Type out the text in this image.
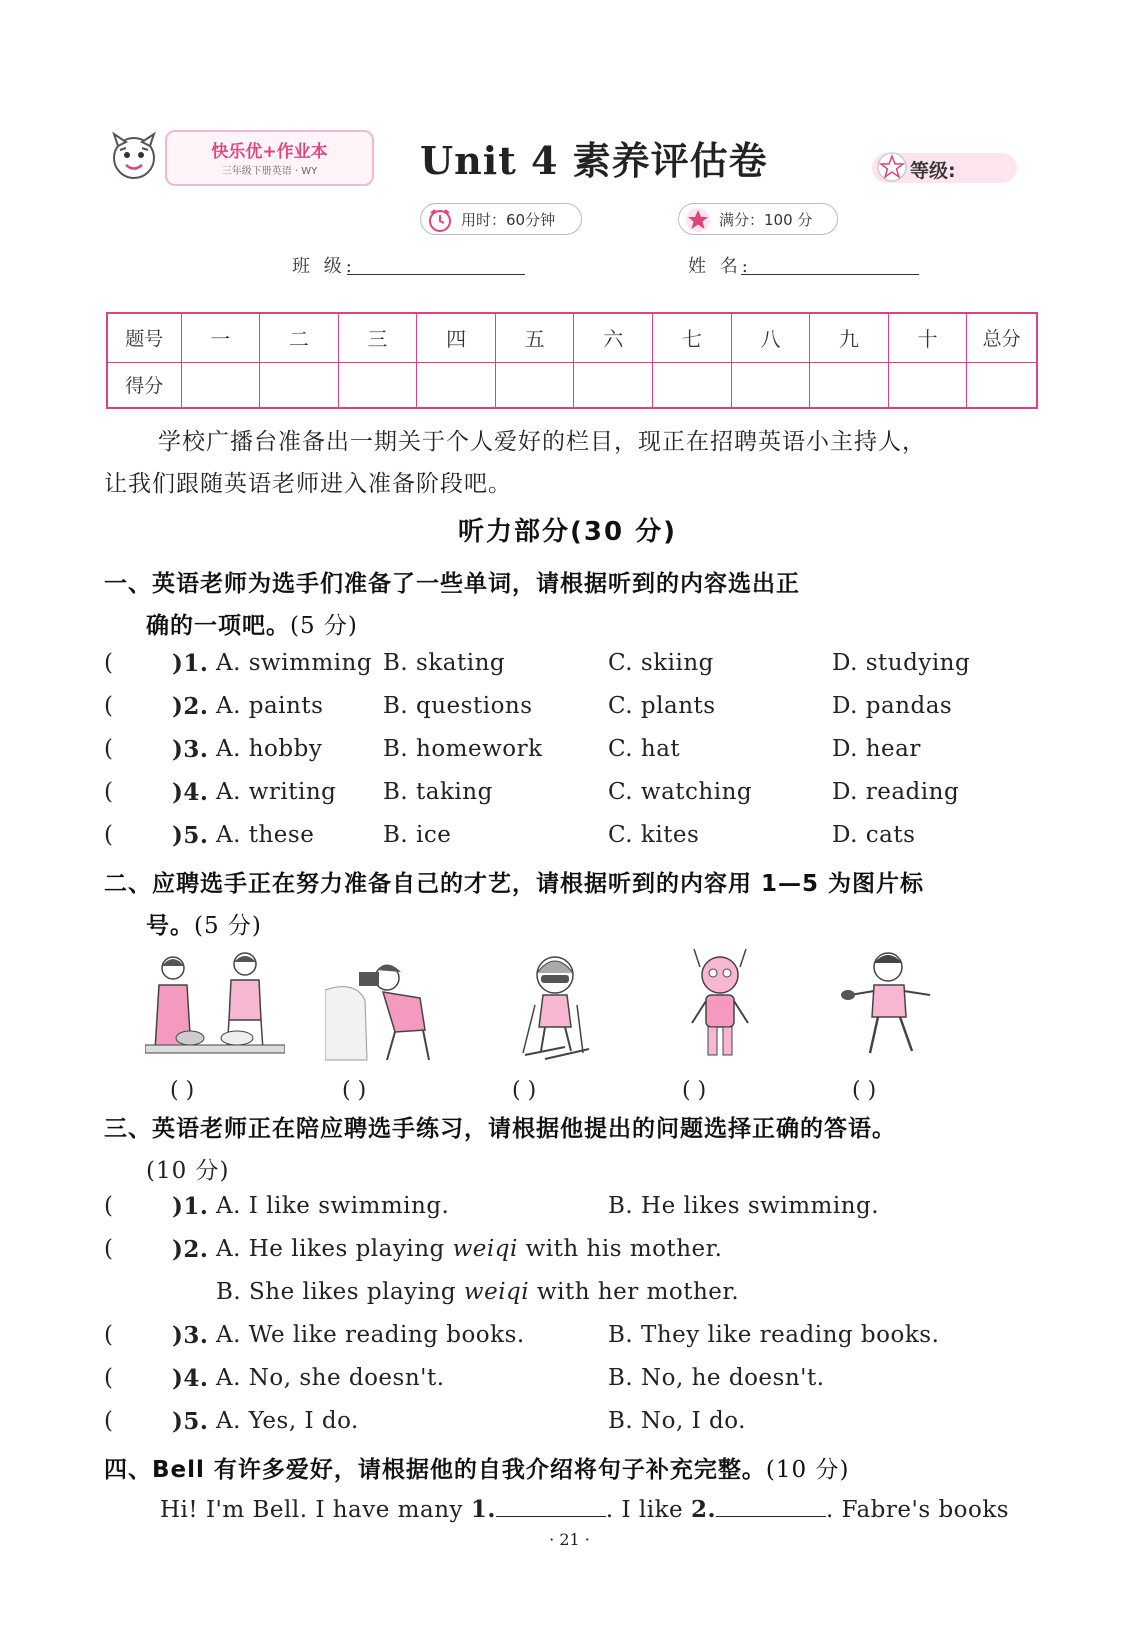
快乐优+作业本
三年级下册英语 · WY	Unit 4 素养评估卷	等级:
用时：60分钟	满分：100 分
班 级:	姓 名:
题号	一	二	三	四	五	六	七	八	九	十	总分
得分											
学校广播台准备出一期关于个人爱好的栏目，现正在招聘英语小主持人，
让我们跟随英语老师进入准备阶段吧。
听力部分(30 分)
一、英语老师为选手们准备了一些单词，请根据听到的内容选出正
确的一项吧。(5 分)
(	)1. A. swimming B. skating	C. skiing	D. studying
(	)2. A. paints	B. questions	C. plants	D. pandas
(	)3. A. hobby	B. homework	C. hat	D. hear
(	)4. A. writing B. taking	C. watching	D. reading
(	)5. A. these	B. ice	C. kites	D. cats
二、应聘选手正在努力准备自己的才艺，请根据听到的内容用 1—5 为图片标
号。(5 分)
( )	( )	( )	( )	( )
三、英语老师正在陪应聘选手练习，请根据他提出的问题选择正确的答语。
(10 分)
(	)1. A. I like swimming.	B. He likes swimming.
(	)2. A. He likes playing weiqi with his mother.
B. She likes playing weiqi with her mother.
(	)3. A. We like reading books.	B. They like reading books.
(	)4. A. No, she doesn't.	B. No, he doesn't.
(	)5. A. Yes, I do.	B. No, I do.
四、Bell 有许多爱好，请根据他的自我介绍将句子补充完整。(10 分)
Hi! I'm Bell. I have many 1.	. I like 2.	. Fabre's books
· 21 ·
